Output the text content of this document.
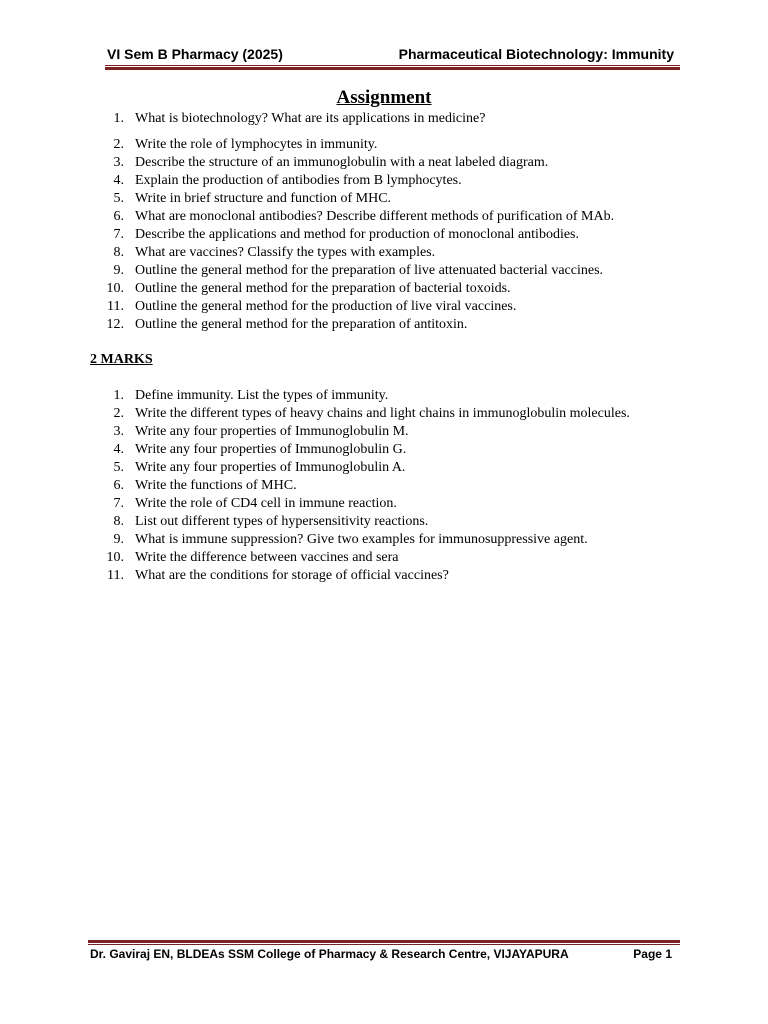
VI Sem B Pharmacy (2025)	Pharmaceutical Biotechnology: Immunity
Assignment
1. What is biotechnology? What are its applications in medicine?
2. Write the role of lymphocytes in immunity.
3. Describe the structure of an immunoglobulin with a neat labeled diagram.
4. Explain the production of antibodies from B lymphocytes.
5. Write in brief structure and function of MHC.
6. What are monoclonal antibodies? Describe different methods of purification of MAb.
7. Describe the applications and method for production of monoclonal antibodies.
8. What are vaccines? Classify the types with examples.
9. Outline the general method for the preparation of live attenuated bacterial vaccines.
10. Outline the general method for the preparation of bacterial toxoids.
11. Outline the general method for the production of live viral vaccines.
12. Outline the general method for the preparation of antitoxin.
2 MARKS
1. Define immunity. List the types of immunity.
2. Write the different types of heavy chains and light chains in immunoglobulin molecules.
3. Write any four properties of Immunoglobulin M.
4. Write any four properties of Immunoglobulin G.
5. Write any four properties of Immunoglobulin A.
6. Write the functions of MHC.
7. Write the role of CD4 cell in immune reaction.
8. List out different types of hypersensitivity reactions.
9. What is immune suppression? Give two examples for immunosuppressive agent.
10. Write the difference between vaccines and sera
11. What are the conditions for storage of official vaccines?
Dr. Gaviraj EN, BLDEAs SSM College of Pharmacy & Research Centre, VIJAYAPURA	Page 1
